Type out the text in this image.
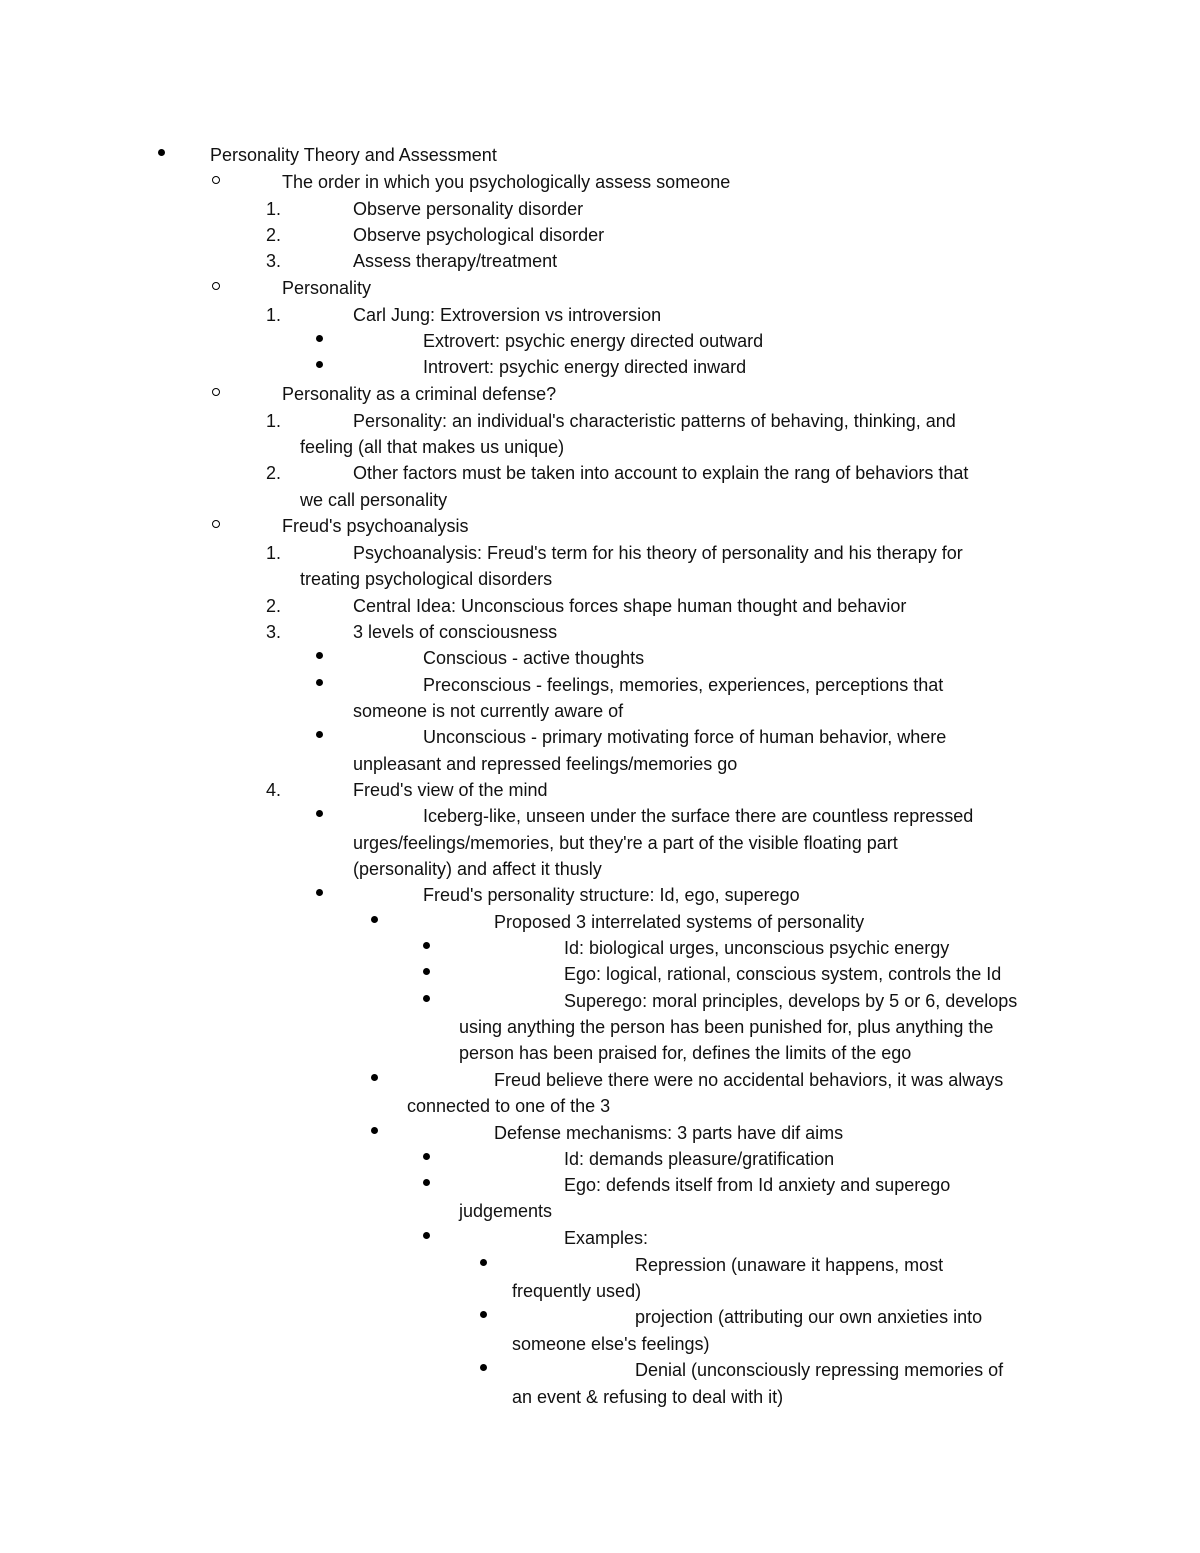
Personality Theory and Assessment
The order in which you psychologically assess someone
1.	Observe personality disorder
2.	Observe psychological disorder
3.	Assess therapy/treatment
Personality
1.	Carl Jung: Extroversion vs introversion
Extrovert: psychic energy directed outward
Introvert: psychic energy directed inward
Personality as a criminal defense?
1.	Personality: an individual's characteristic patterns of behaving, thinking, and
feeling (all that makes us unique)
2.	Other factors must be taken into account to explain the rang of behaviors that
we call personality
Freud's psychoanalysis
1.	Psychoanalysis: Freud's term for his theory of personality and his therapy for
treating psychological disorders
2.	Central Idea: Unconscious forces shape human thought and behavior
3.	3 levels of consciousness
Conscious - active thoughts
Preconscious - feelings, memories, experiences, perceptions that
someone is not currently aware of
Unconscious - primary motivating force of human behavior, where
unpleasant and repressed feelings/memories go
4.	Freud's view of the mind
Iceberg-like, unseen under the surface there are countless repressed
urges/feelings/memories, but they're a part of the visible floating part
(personality) and affect it thusly
Freud's personality structure: Id, ego, superego
Proposed 3 interrelated systems of personality
Id: biological urges, unconscious psychic energy
Ego: logical, rational, conscious system, controls the Id
Superego: moral principles, develops by 5 or 6, develops
using anything the person has been punished for, plus anything the
person has been praised for, defines the limits of the ego
Freud believe there were no accidental behaviors, it was always
connected to one of the 3
Defense mechanisms: 3 parts have dif aims
Id: demands pleasure/gratification
Ego: defends itself from Id anxiety and superego
judgements
Examples:
Repression (unaware it happens, most
frequently used)
projection (attributing our own anxieties into
someone else's feelings)
Denial (unconsciously repressing memories of
an event & refusing to deal with it)
